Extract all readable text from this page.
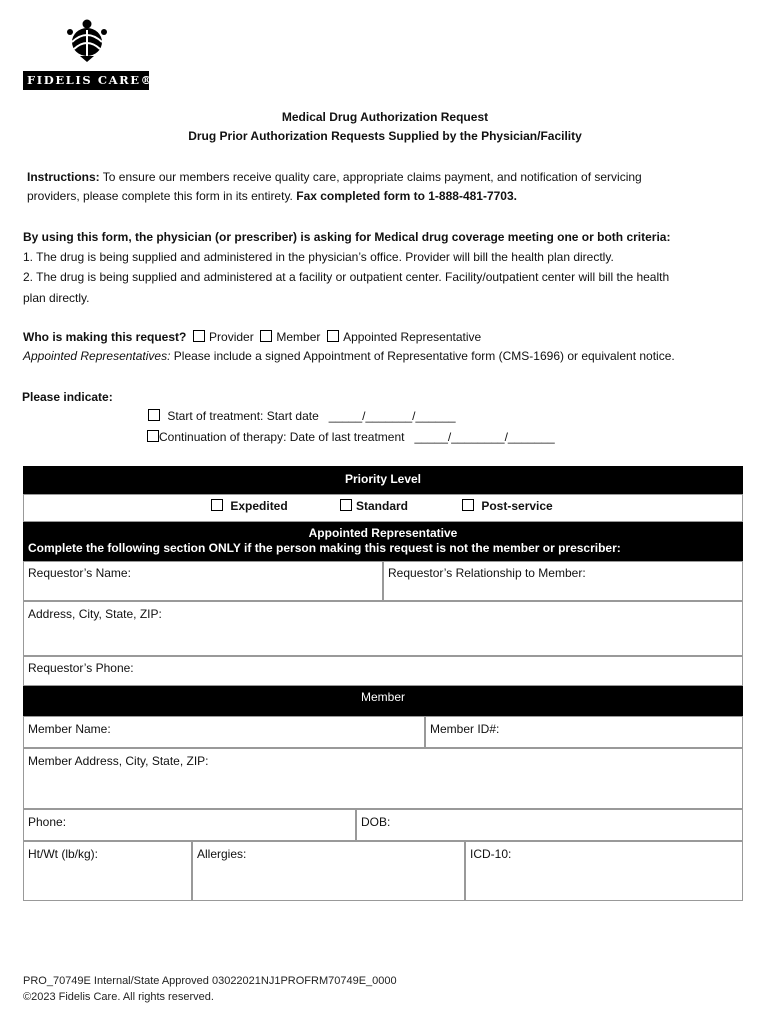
FIDELIS CARE®
Medical Drug Authorization Request
Drug Prior Authorization Requests Supplied by the Physician/Facility
Instructions: To ensure our members receive quality care, appropriate claims payment, and notification of servicing
providers, please complete this form in its entirety. Fax completed form to 1-888-481-7703.
By using this form, the physician (or prescriber) is asking for Medical drug coverage meeting one or both criteria:
1. The drug is being supplied and administered in the physician’s office. Provider will bill the health plan directly.
2. The drug is being supplied and administered at a facility or outpatient center. Facility/outpatient center will bill the health
plan directly.
Who is making this request? Provider Member Appointed Representative
Appointed Representatives: Please include a signed Appointment of Representative form (CMS-1696) or equivalent notice.
Please indicate:
Start of treatment: Start date _____/_______/______
Continuation of therapy: Date of last treatment _____/________/_______
Priority Level
Expedited	Standard	Post-service
Appointed Representative
Complete the following section ONLY if the person making this request is not the member or prescriber:
Requestor’s Name:	Requestor’s Relationship to Member:
Address, City, State, ZIP:
Requestor’s Phone:
Member
Member Name:	Member ID#:
Member Address, City, State, ZIP:
Phone:	DOB:
Ht/Wt (lb/kg):	Allergies:	ICD-10:
PRO_70749E Internal/State Approved 03022021NJ1PROFRM70749E_0000
©2023 Fidelis Care. All rights reserved.
